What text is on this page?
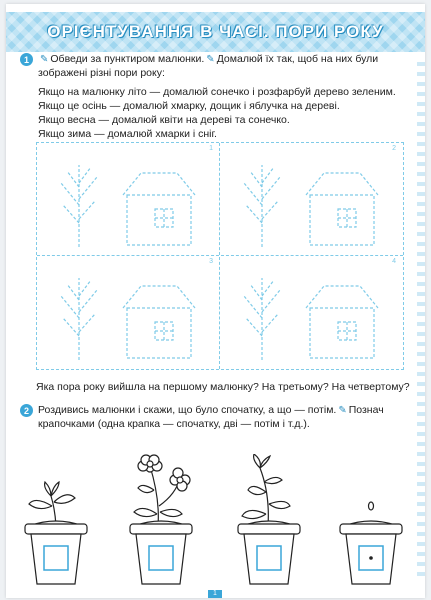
ОРІЄНТУВАННЯ В ЧАСІ. ПОРИ РОКУ
1	✎ Обведи за пунктиром малюнки. ✎ Домалюй їх так, щоб на них були
зображені різні пори року:
Якщо на малюнку літо — домалюй сонечко і розфарбуй дерево зеленим.
Якщо це осінь — домалюй хмарку, дощик і яблучка на дереві.
Якщо весна — домалюй квіти на дереві та сонечко.
Якщо зима — домалюй хмарки і сніг.
1	2
3	4
Яка пора року вийшла на першому малюнку? На третьому? На четвертому?
2 Роздивись малюнки і скажи, що було спочатку, а що — потім. ✎ Познач
крапочками (одна крапка — спочатку, дві — потім і т.д.).
1
